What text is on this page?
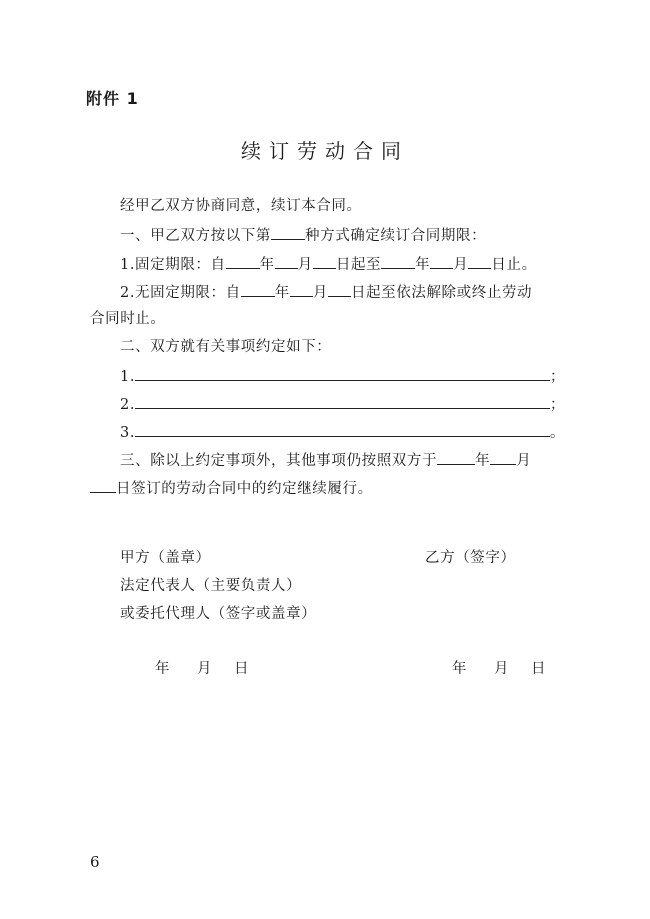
附件 1
续订劳动合同
经甲乙双方协商同意，续订本合同。
一、甲乙双方按以下第 种方式确定续订合同期限：
1.固定期限：自 年 月 日起至 年 月 日止。
2.无固定期限：自 年 月 日起至依法解除或终止劳动
合同时止。
二、双方就有关事项约定如下：
1.	；
2.	；
3.	。
三、除以上约定事项外，其他事项仍按照双方于	年 月
日签订的劳动合同中的约定继续履行。
甲方（盖章）	乙方（签字）
法定代表人（主要负责人）
或委托代理人（签字或盖章）
年 月 日	年 月 日
6
